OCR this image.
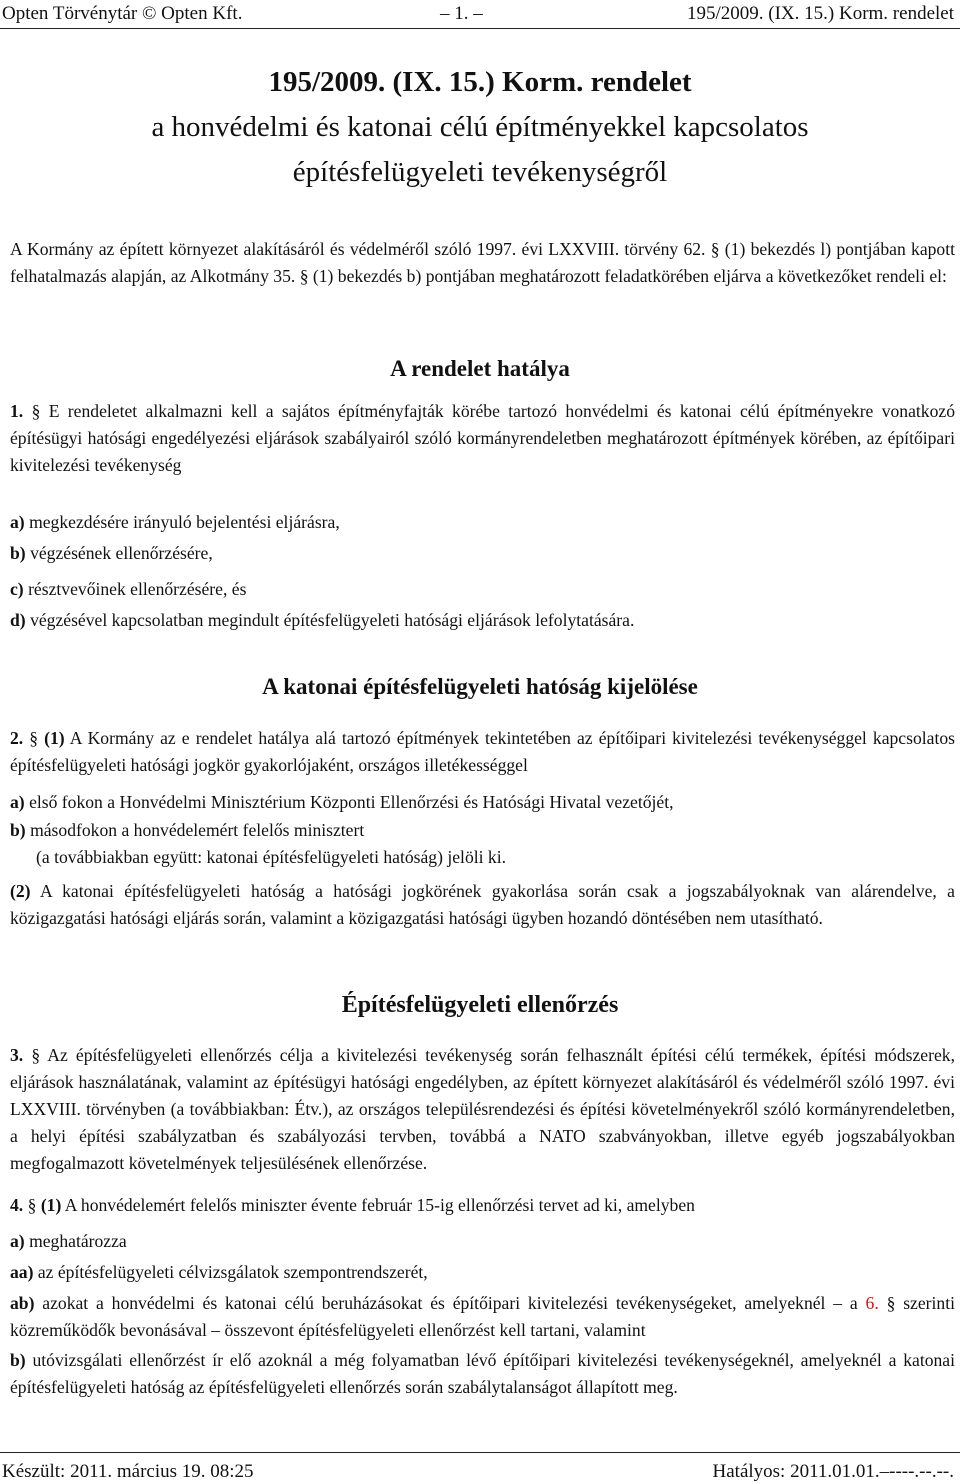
Opten Törvénytár © Opten Kft.	– 1. –	195/2009. (IX. 15.) Korm. rendelet
195/2009. (IX. 15.) Korm. rendelet
a honvédelmi és katonai célú építményekkel kapcsolatos
építésfelügyeleti tevékenységről

A Kormány az épített környezet alakításáról és védelméről szóló 1997. évi LXXVIII. törvény 62. § (1) bekezdés l) pontjában kapott felhatalmazás alapján, az Alkotmány 35. § (1) bekezdés b) pontjában meghatározott feladatkörében eljárva a következőket rendeli el:

A rendelet hatálya

1. § E rendeletet alkalmazni kell a sajátos építményfajták körébe tartozó honvédelmi és katonai célú építményekre vonatkozó építésügyi hatósági engedélyezési eljárások szabályairól szóló kormányrendeletben meghatározott építmények körében, az építőipari kivitelezési tevékenység

a) megkezdésére irányuló bejelentési eljárásra,
b) végzésének ellenőrzésére,
c) résztvevőinek ellenőrzésére, és
d) végzésével kapcsolatban megindult építésfelügyeleti hatósági eljárások lefolytatására.
A katonai építésfelügyeleti hatóság kijelölése

2. § (1) A Kormány az e rendelet hatálya alá tartozó építmények tekintetében az építőipari kivitelezési tevékenységgel kapcsolatos építésfelügyeleti hatósági jogkör gyakorlójaként, országos illetékességgel

a) első fokon a Honvédelmi Minisztérium Központi Ellenőrzési és Hatósági Hivatal vezetőjét,
b) másodfokon a honvédelemért felelős minisztert
(a továbbiakban együtt: katonai építésfelügyeleti hatóság) jelöli ki.

(2) A katonai építésfelügyeleti hatóság a hatósági jogkörének gyakorlása során csak a jogszabályoknak van alárendelve, a közigazgatási hatósági eljárás során, valamint a közigazgatási hatósági ügyben hozandó döntésében nem utasítható.

Építésfelügyeleti ellenőrzés

3. § Az építésfelügyeleti ellenőrzés célja a kivitelezési tevékenység során felhasznált építési célú termékek, építési módszerek, eljárások használatának, valamint az építésügyi hatósági engedélyben, az épített környezet alakításáról és védelméről szóló 1997. évi LXXVIII. törvényben (a továbbiakban: Étv.), az országos településrendezési és építési követelményekről szóló kormányrendeletben, a helyi építési szabályzatban és szabályozási tervben, továbbá a NATO szabványokban, illetve egyéb jogszabályokban megfogalmazott követelmények teljesülésének ellenőrzése.

4. § (1) A honvédelemért felelős miniszter évente február 15-ig ellenőrzési tervet ad ki, amelyben

a) meghatározza
aa) az építésfelügyeleti célvizsgálatok szempontrendszerét,
ab) azokat a honvédelmi és katonai célú beruházásokat és építőipari kivitelezési tevékenységeket, amelyeknél – a 6. § szerinti közreműködők bevonásával – összevont építésfelügyeleti ellenőrzést kell tartani, valamint
b) utóvizsgálati ellenőrzést ír elő azoknál a még folyamatban lévő építőipari kivitelezési tevékenységeknél, amelyeknél a katonai építésfelügyeleti hatóság az építésfelügyeleti ellenőrzés során szabálytalanságot állapított meg.
Készült: 2011. március 19. 08:25	Hatályos: 2011.01.01.–----.--.--.
